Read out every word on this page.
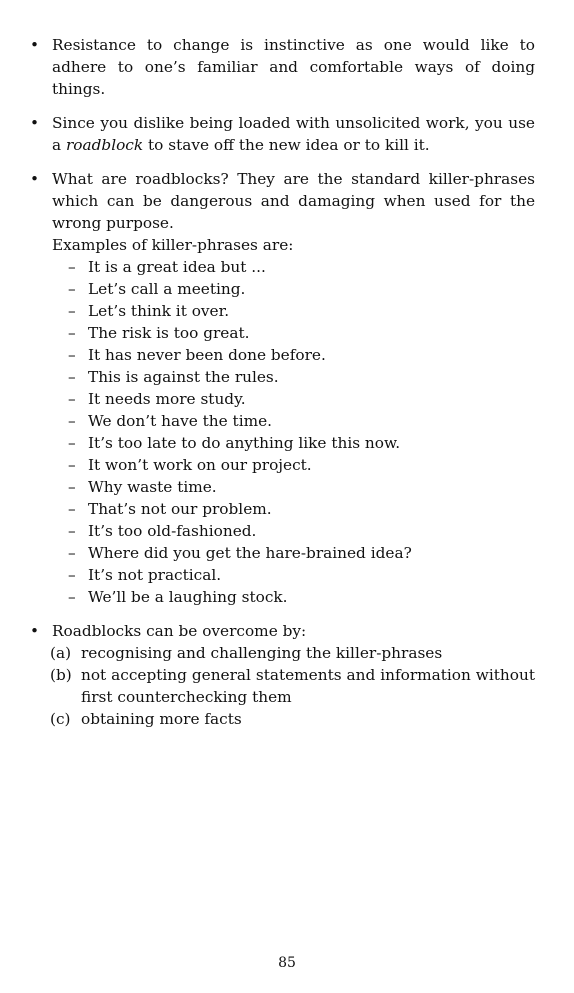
• Resistance to change is instinctive as one would like to adhere to one’s familiar and comfortable ways of doing things.

• Since you dislike being loaded with unsolicited work, you use a roadblock to stave off the new idea or to kill it.

• What are roadblocks? They are the standard killer-phrases which can be dangerous and damaging when used for the wrong purpose.

Examples of killer-phrases are:

– It is a great idea but ...
– Let’s call a meeting.
– Let’s think it over.
– The risk is too great.
– It has never been done before.
– This is against the rules.
– It needs more study.
– We don’t have the time.
– It’s too late to do anything like this now.
– It won’t work on our project.
– Why waste time.
– That’s not our problem.
– It’s too old-fashioned.
– Where did you get the hare-brained idea?
– It’s not practical.
– We’ll be a laughing stock.
• Roadblocks can be overcome by:

(a) recognising and challenging the killer-phrases
(b) not accepting general statements and information without first counterchecking them
(c) obtaining more facts
85
